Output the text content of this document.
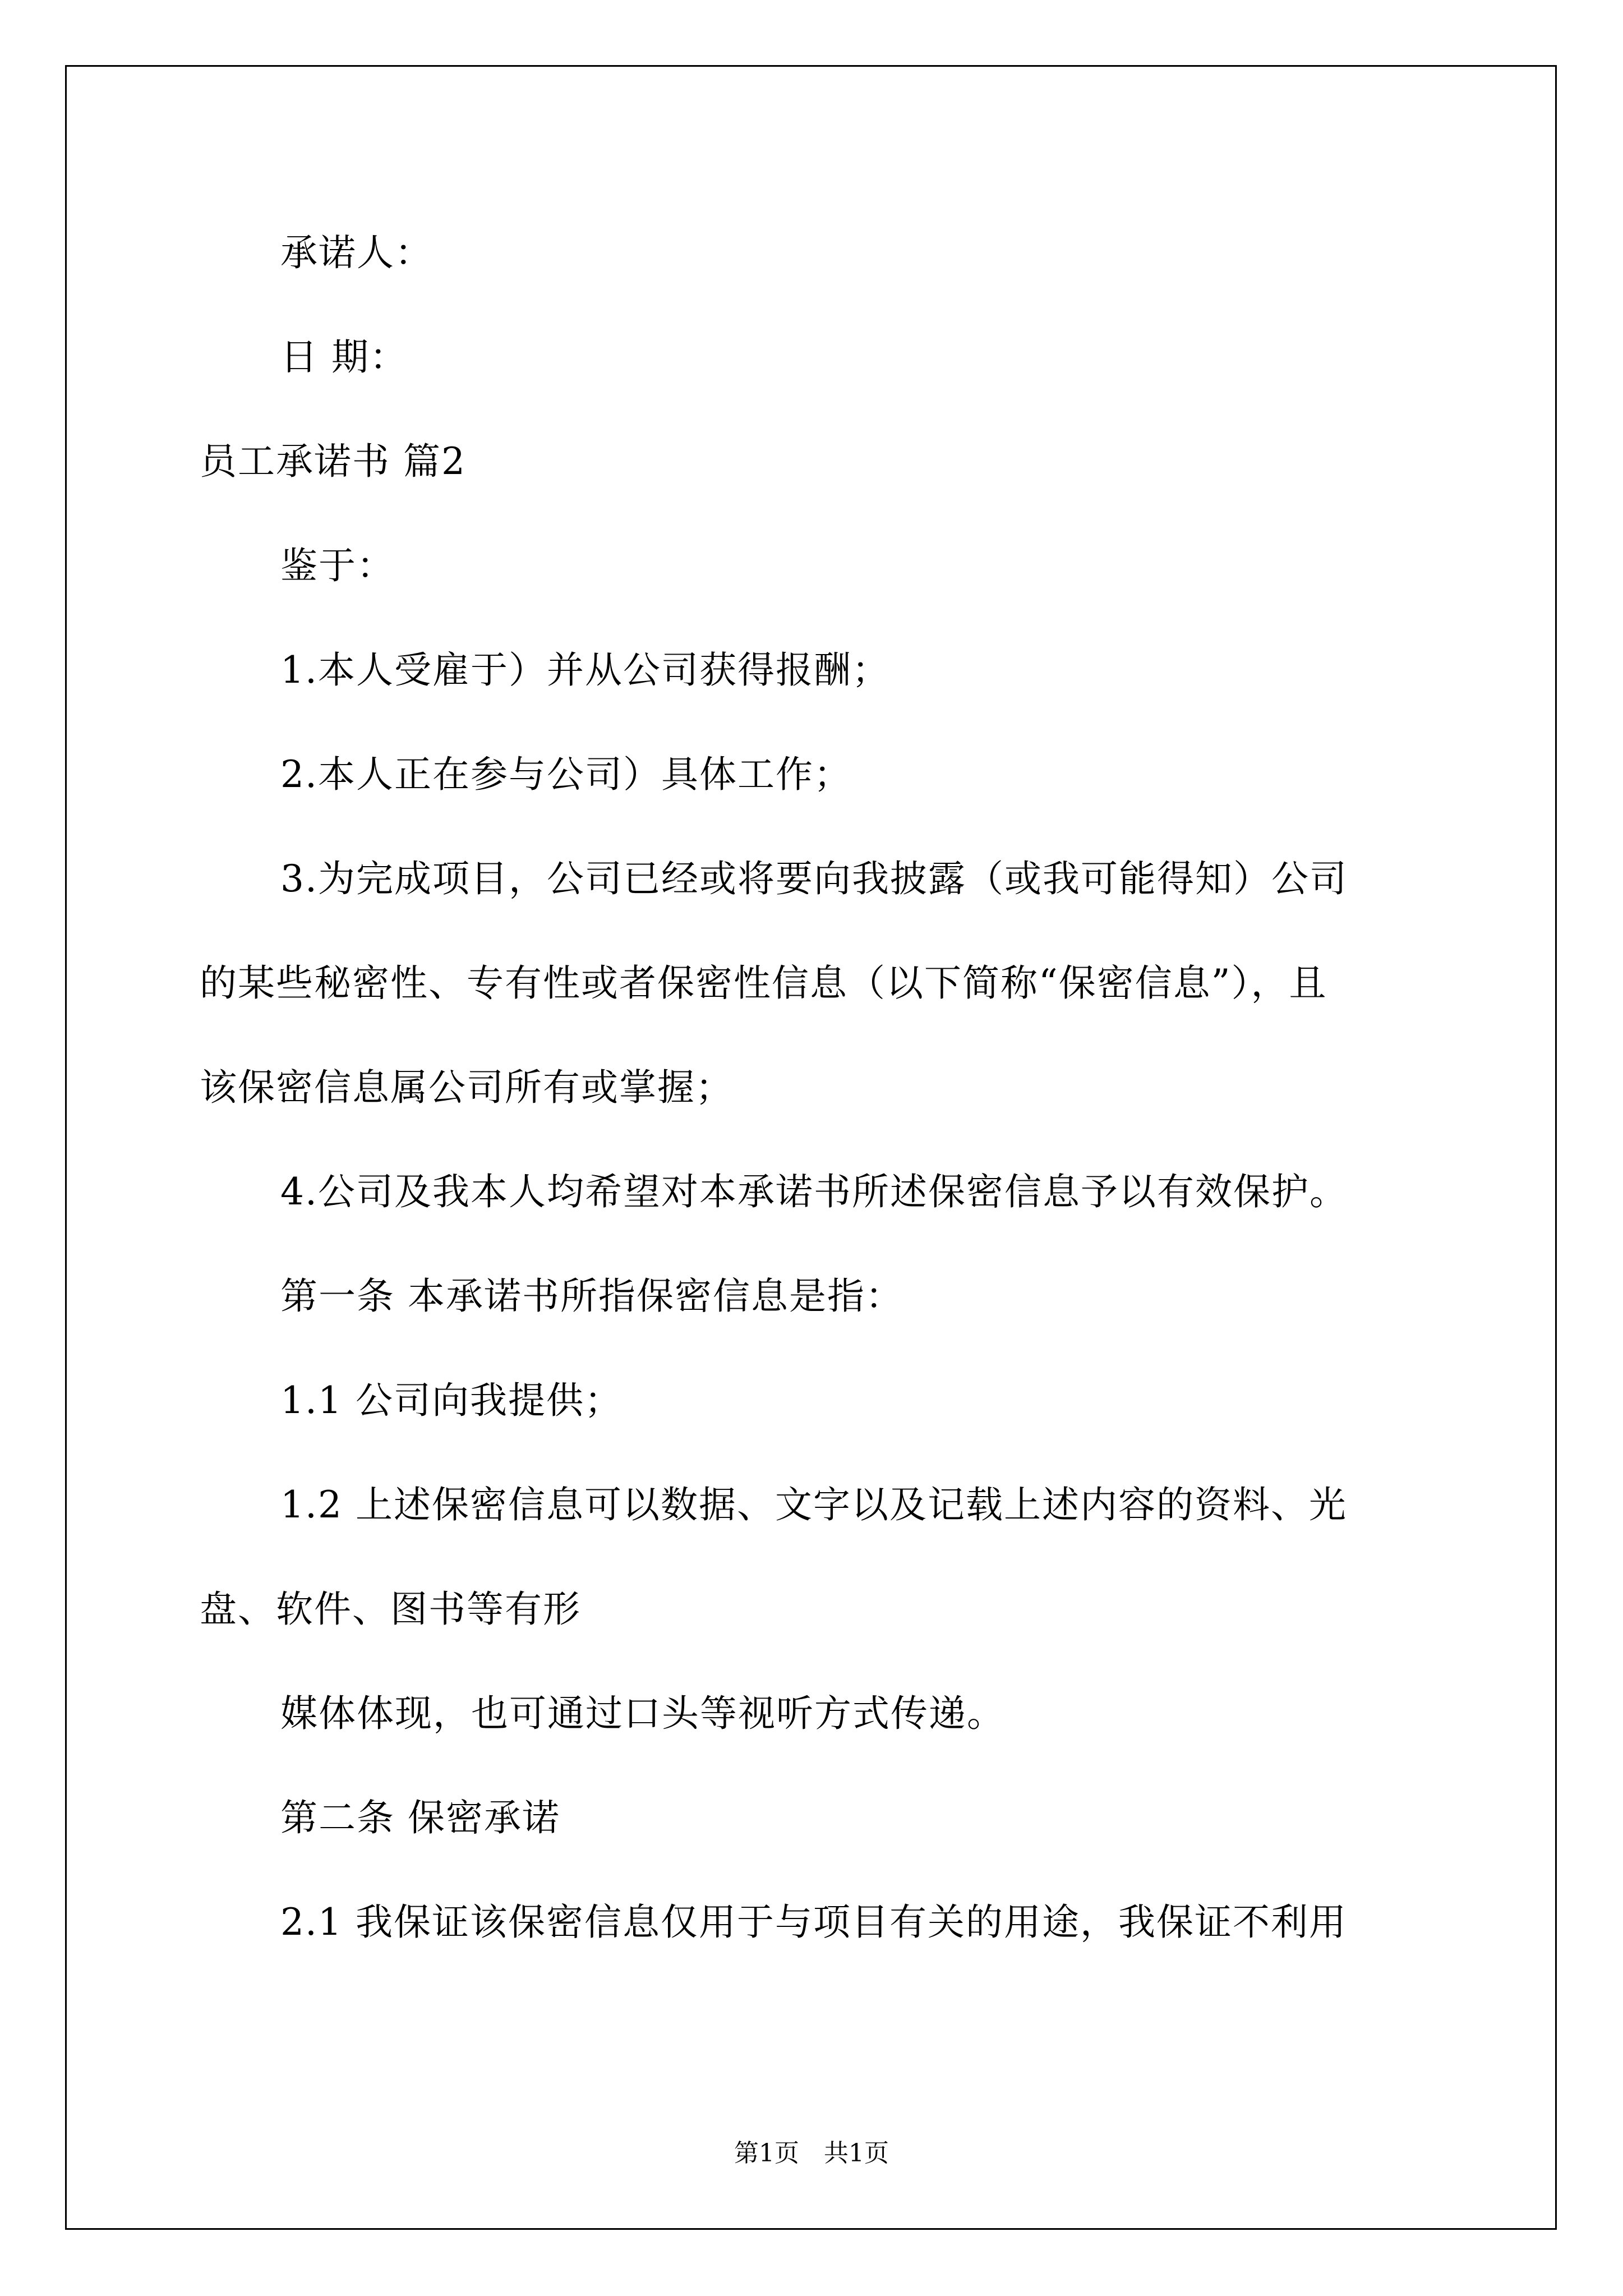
承诺人：
日 期：
员工承诺书 篇2
鉴于：
1.本人受雇于）并从公司获得报酬；
2.本人正在参与公司）具体工作；
3.为完成项目，公司已经或将要向我披露（或我可能得知）公司
的某些秘密性、专有性或者保密性信息（以下简称“保密信息”），且
该保密信息属公司所有或掌握；
4.公司及我本人均希望对本承诺书所述保密信息予以有效保护。
第一条 本承诺书所指保密信息是指：
1.1 公司向我提供；
1.2 上述保密信息可以数据、文字以及记载上述内容的资料、光
盘、软件、图书等有形
媒体体现，也可通过口头等视听方式传递。
第二条 保密承诺
2.1 我保证该保密信息仅用于与项目有关的用途，我保证不利用
第1页　共1页
